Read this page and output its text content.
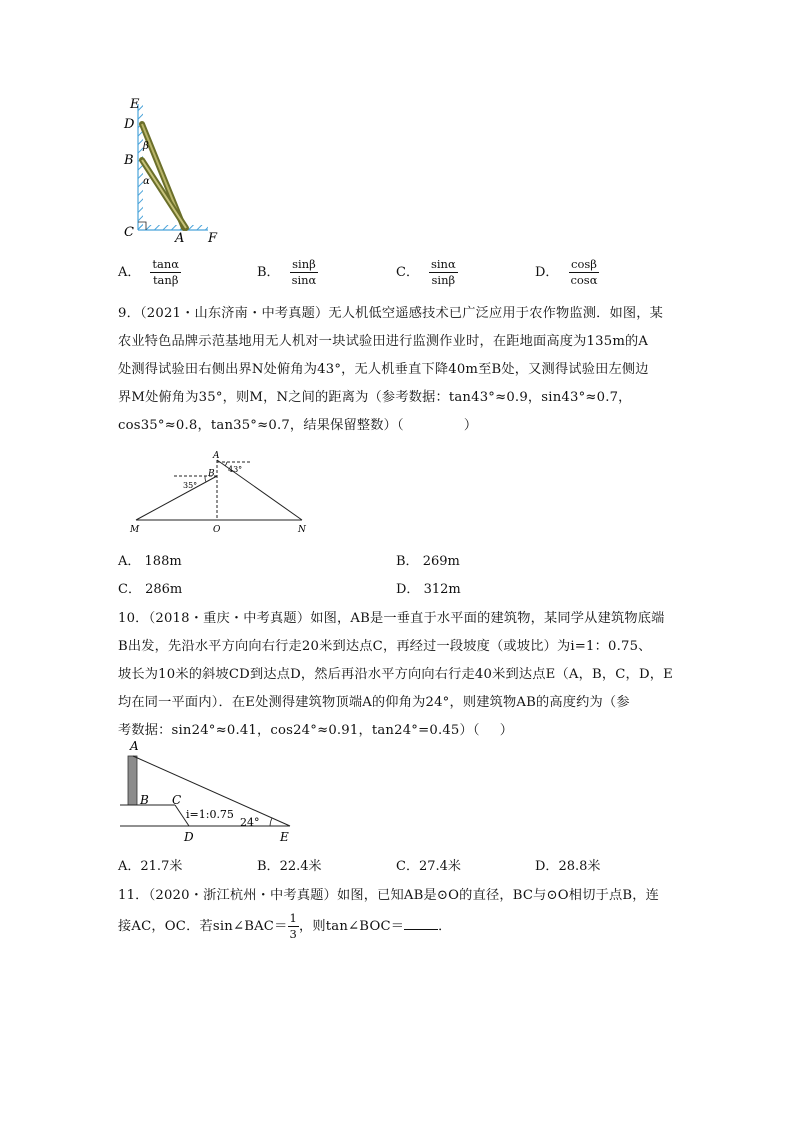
E
D
B
C	A F
β
α
A． $\frac{\tan\alpha}{\tan\beta}$	B． $\frac{\sin\beta}{\sin\alpha}$	C． $\frac{\sin\alpha}{\sin\beta}$	D． $\frac{\cos\beta}{\cos\alpha}$
9．（2021・山东济南・中考真题）无人机低空遥感技术已广泛应用于农作物监测．如图，某
农业特色品牌示范基地用无人机对一块试验田进行监测作业时，在距地面高度为135m的A
处测得试验田右侧出界N处俯角为43°，无人机垂直下降40m至B处，又测得试验田左侧边
界M处俯角为35°，则M，N之间的距离为（参考数据：tan43°≈0.9，sin43°≈0.7，
cos35°≈0.8，tan35°≈0.7，结果保留整数）（	）
A
B 43°
35°
M	O	N
A． 188m	B． 269m
C． 286m	D． 312m
10．（2018・重庆・中考真题）如图，AB是一垂直于水平面的建筑物，某同学从建筑物底端
B出发，先沿水平方向向右行走20米到达点C，再经过一段坡度（或坡比）为i=1：0.75、
坡长为10米的斜坡CD到达点D，然后再沿水平方向向右行走40米到达点E（A，B，C，D，E
均在同一平面内）．在E处测得建筑物顶端A的仰角为24°，则建筑物AB的高度约为（参
考数据：sin24°≈0.41，cos24°≈0.91，tan24°=0.45）（ ）
A
B C
i=1:0.75
24°
D	E
A．21.7米	B．22.4米	C．27.4米	D．28.8米
11．（2020・浙江杭州・中考真题）如图，已知AB是⊙O的直径，BC与⊙O相切于点B，连
接AC，OC．若sin∠BAC＝ $\frac{1}{3}$ ，则tan∠BOC＝	．
